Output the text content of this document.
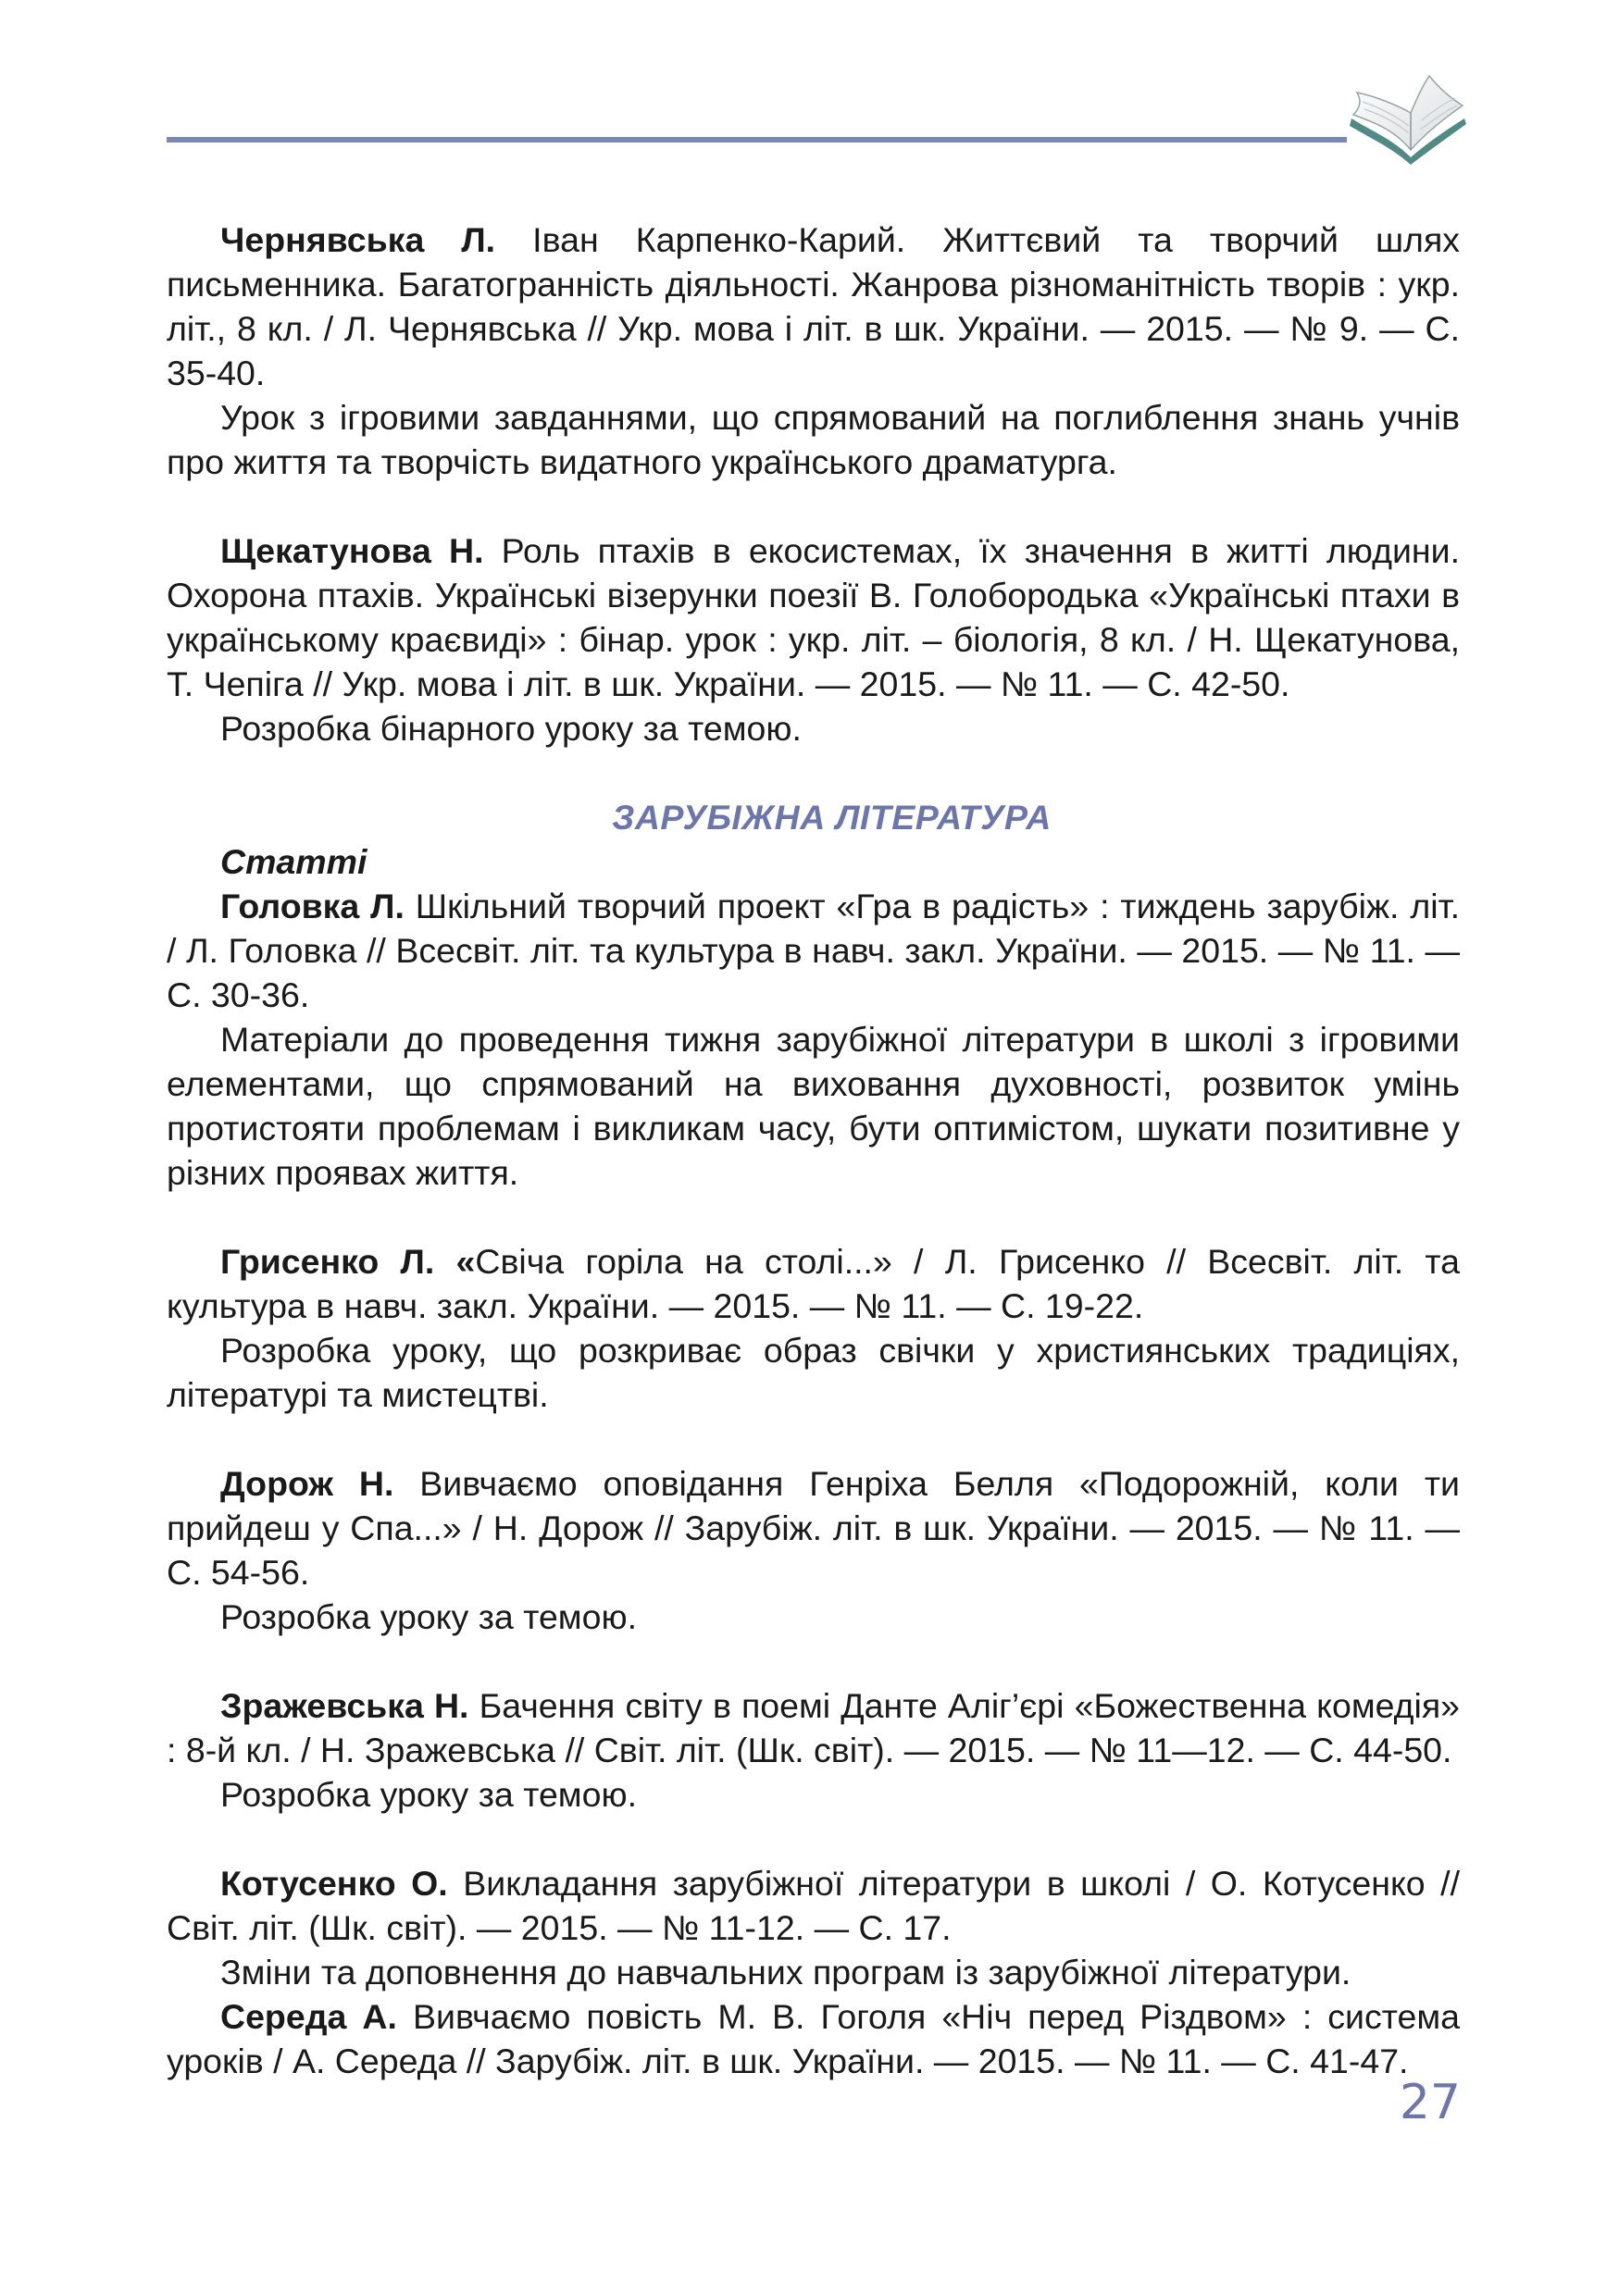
Чернявська Л. Іван Карпенко-Карий. Життєвий та творчий шлях письменника. Багатогранність діяльності. Жанрова різноманітність творів : укр. літ., 8 кл. / Л. Чернявська // Укр. мова і літ. в шк. України. — 2015. — № 9. — С. 35-40.

Урок з ігровими завданнями, що спрямований на поглиблення знань учнів про життя та творчість видатного українського драматурга.

Щекатунова Н. Роль птахів в екосистемах, їх значення в житті людини. Охорона птахів. Українські візерунки поезії В. Голобородька «Українські птахи в українському краєвиді» : бінар. урок : укр. літ. – біологія, 8 кл. / Н. Щекатунова, Т. Чепіга // Укр. мова і літ. в шк. України. — 2015. — № 11. — С. 42-50.

Розробка бінарного уроку за темою.

ЗАРУБІЖНА ЛІТЕРАТУРА

Статті

Головка Л. Шкільний творчий проект «Гра в радість» : тиждень зарубіж. літ. / Л. Головка // Всесвіт. літ. та культура в навч. закл. України. — 2015. — № 11. — С. 30-36.

Матеріали до проведення тижня зарубіжної літератури в школі з ігровими елементами, що спрямований на виховання духовності, розвиток умінь протистояти проблемам і викликам часу, бути оптимістом, шукати позитивне у різних проявах життя.

Грисенко Л. «Свіча горіла на столі...» / Л. Грисенко // Всесвіт. літ. та культура в навч. закл. України. — 2015. — № 11. — С. 19-22.

Розробка уроку, що розкриває образ свічки у християнських традиціях, літературі та мистецтві.

Дорож Н. Вивчаємо оповідання Генріха Белля «Подорожній, коли ти прийдеш у Спа...» / Н. Дорож // Зарубіж. літ. в шк. України. — 2015. — № 11. — С. 54-56.

Розробка уроку за темою.

Зражевська Н. Бачення світу в поемі Данте Аліг’єрі «Божественна комедія» : 8-й кл. / Н. Зражевська // Світ. літ. (Шк. світ). — 2015. — № 11—12. — С. 44-50.

Розробка уроку за темою.

Котусенко О. Викладання зарубіжної літератури в школі / О. Котусенко // Світ. літ. (Шк. світ). — 2015. — № 11-12. — С. 17.

Зміни та доповнення до навчальних програм із зарубіжної літератури.

Середа А. Вивчаємо повість М. В. Гоголя «Ніч перед Різдвом» : система уроків / А. Середа // Зарубіж. літ. в шк. України. — 2015. — № 11. — С. 41-47.

27
